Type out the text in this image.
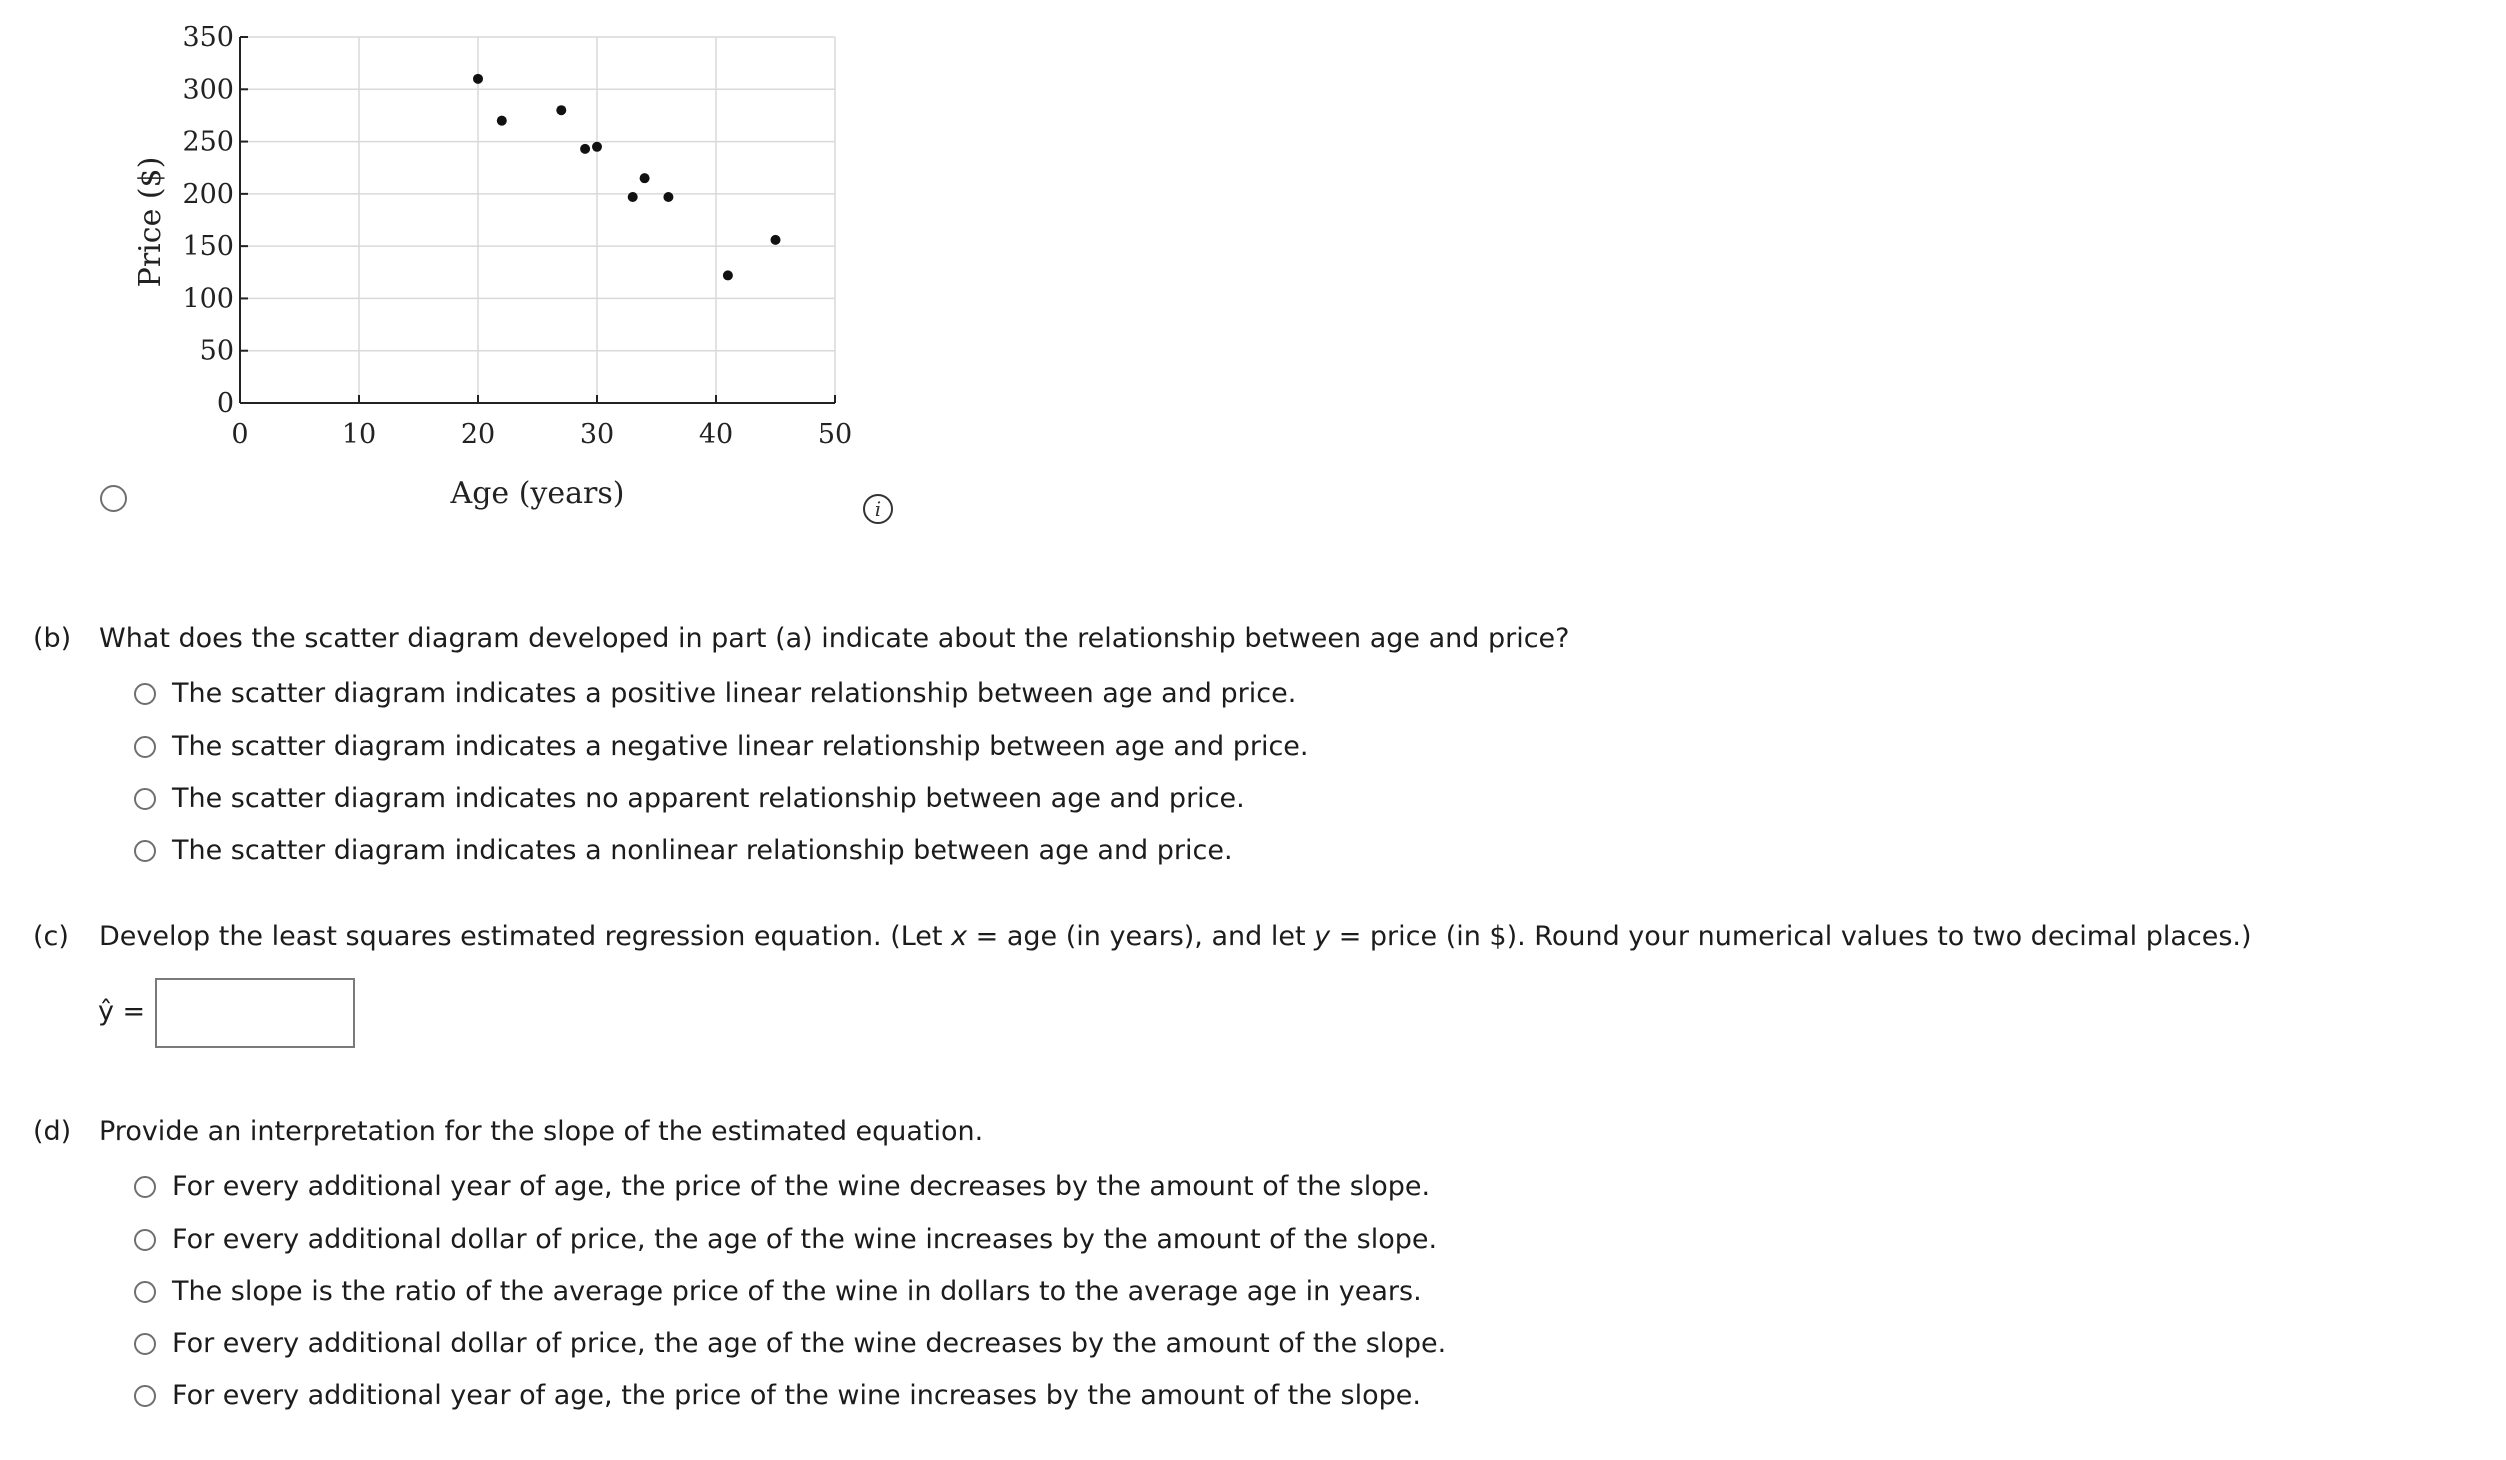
0	10	20	30	40	50
0
50
100
150
200
250
300
350
Age (years)
Price ($)
i
(b) What does the scatter diagram developed in part (a) indicate about the relationship between age and price?
The scatter diagram indicates a positive linear relationship between age and price.
The scatter diagram indicates a negative linear relationship between age and price.
The scatter diagram indicates no apparent relationship between age and price.
The scatter diagram indicates a nonlinear relationship between age and price.
(c) Develop the least squares estimated regression equation. (Let x = age (in years), and let y = price (in $). Round your numerical values to two decimal places.)
ŷ =
(d) Provide an interpretation for the slope of the estimated equation.
For every additional year of age, the price of the wine decreases by the amount of the slope.
For every additional dollar of price, the age of the wine increases by the amount of the slope.
The slope is the ratio of the average price of the wine in dollars to the average age in years.
For every additional dollar of price, the age of the wine decreases by the amount of the slope.
For every additional year of age, the price of the wine increases by the amount of the slope.
